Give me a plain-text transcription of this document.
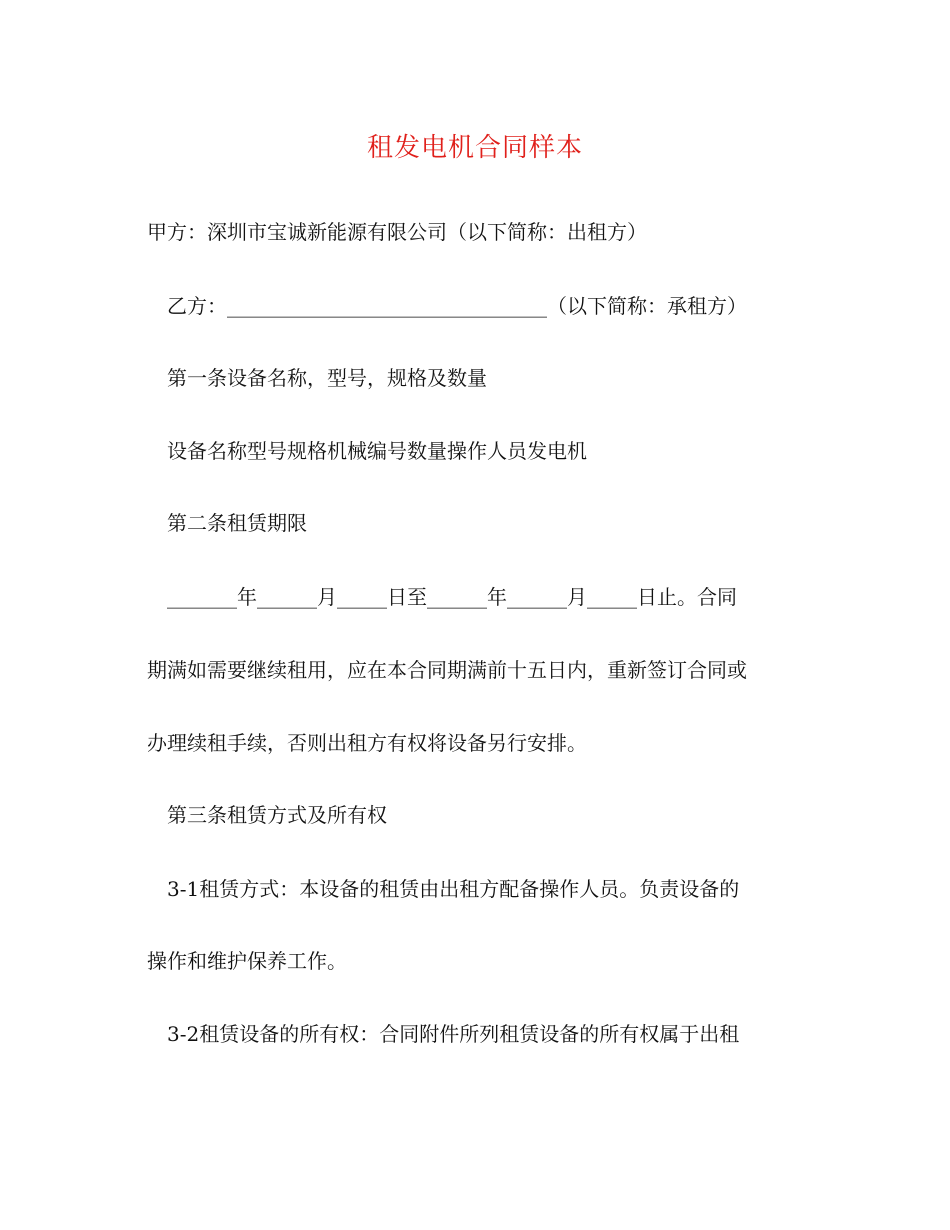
租发电机合同样本
甲方：深圳市宝诚新能源有限公司（以下简称：出租方）
乙方：________________________________（以下简称：承租方）
第一条设备名称，型号，规格及数量
设备名称型号规格机械编号数量操作人员发电机
第二条租赁期限
_______年______月_____日至______年______月_____日止。合同
期满如需要继续租用，应在本合同期满前十五日内，重新签订合同或
办理续租手续，否则出租方有权将设备另行安排。
第三条租赁方式及所有权
3-1租赁方式：本设备的租赁由出租方配备操作人员。负责设备的
操作和维护保养工作。
3-2租赁设备的所有权：合同附件所列租赁设备的所有权属于出租
